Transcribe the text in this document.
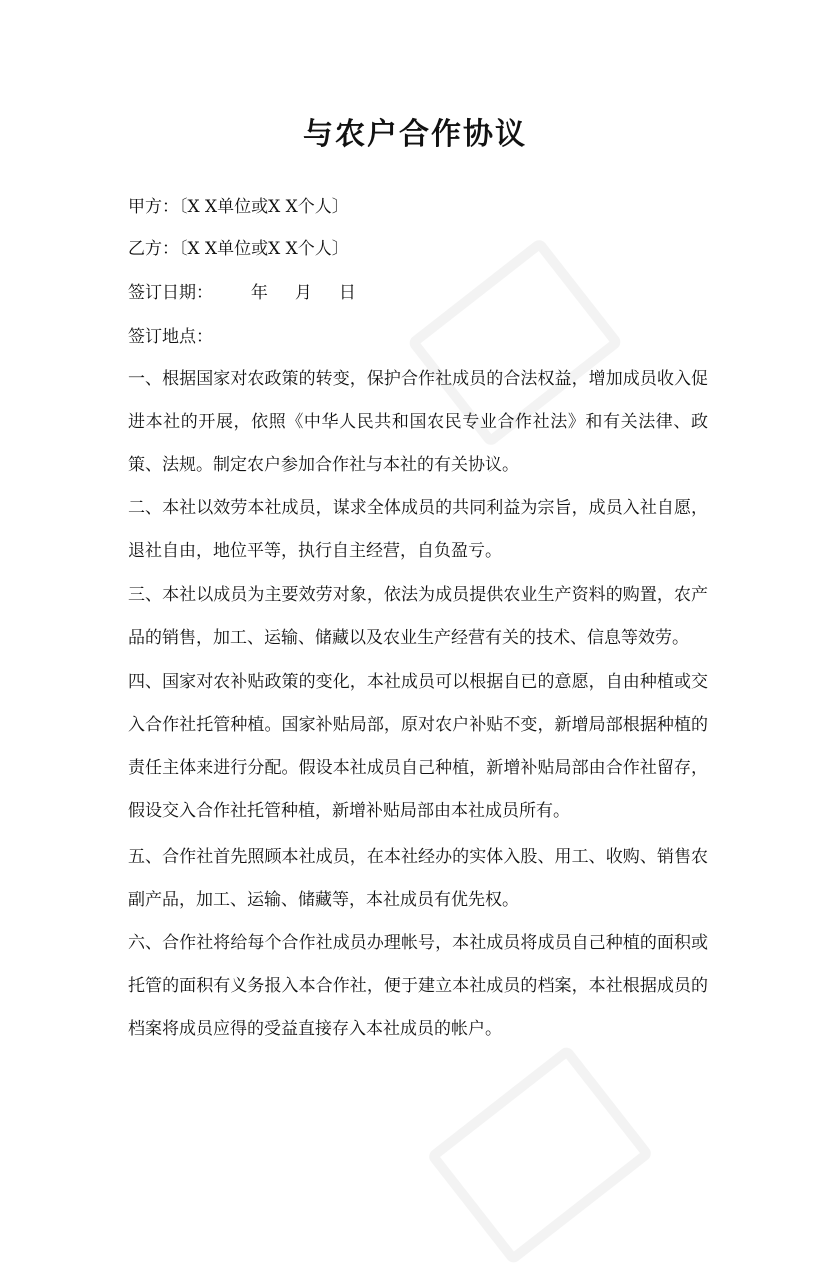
与农户合作协议
甲方：〔X X单位或X X个人〕
乙方：〔X X单位或X X个人〕
签订日期：       年     月     日
签订地点：
一、根据国家对农政策的转变，保护合作社成员的合法权益，增加成员收入促进本社的开展，依照《中华人民共和国农民专业合作社法》和有关法律、政策、法规。制定农户参加合作社与本社的有关协议。
二、本社以效劳本社成员，谋求全体成员的共同利益为宗旨，成员入社自愿，退社自由，地位平等，执行自主经营，自负盈亏。
三、本社以成员为主要效劳对象，依法为成员提供农业生产资料的购置，农产品的销售，加工、运输、储藏以及农业生产经营有关的技术、信息等效劳。
四、国家对农补贴政策的变化，本社成员可以根据自已的意愿，自由种植或交入合作社托管种植。国家补贴局部，原对农户补贴不变，新增局部根据种植的责任主体来进行分配。假设本社成员自己种植，新增补贴局部由合作社留存，假设交入合作社托管种植，新增补贴局部由本社成员所有。
五、合作社首先照顾本社成员，在本社经办的实体入股、用工、收购、销售农副产品，加工、运输、储藏等，本社成员有优先权。
六、合作社将给每个合作社成员办理帐号，本社成员将成员自己种植的面积或托管的面积有义务报入本合作社，便于建立本社成员的档案，本社根据成员的档案将成员应得的受益直接存入本社成员的帐户。
